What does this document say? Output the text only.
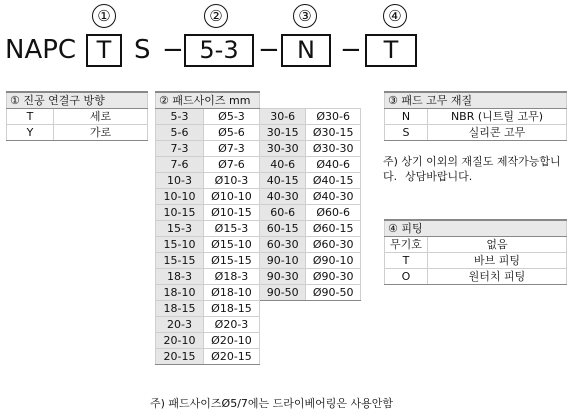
①	②	③	④
NAPC T S − 5-3 − N − T
① 진공 연결구 방향	
T	세로
Y	가로
② 패드사이즈 mm			
5-3	Ø5-3	30-6	Ø30-6
5-6	Ø5-6	30-15	Ø30-15
7-3	Ø7-3	30-30	Ø30-30
7-6	Ø7-6	40-6	Ø40-6
10-3	Ø10-3	40-15	Ø40-15
10-10	Ø10-10	40-30	Ø40-30
10-15	Ø10-15	60-6	Ø60-6
15-3	Ø15-3	60-15	Ø60-15
15-10	Ø15-10	60-30	Ø60-30
15-15	Ø15-15	90-10	Ø90-10
18-3	Ø18-3	90-30	Ø90-30
18-10	Ø18-10	90-50	Ø90-50
18-15	Ø18-15		
20-3	Ø20-3		
20-10	Ø20-10		
20-15	Ø20-15		
주) 패드사이즈Ø5/7에는 드라이베어링은 사용안함
③ 패드 고무 재질	
N	NBR (니트릴 고무)
S	실리콘 고무
주) 상기 이외의 재질도 제작가능합니다. 상담바랍니다.
④ 피팅	
무기호	없음
T	바브 피팅
O	원터치 피팅
